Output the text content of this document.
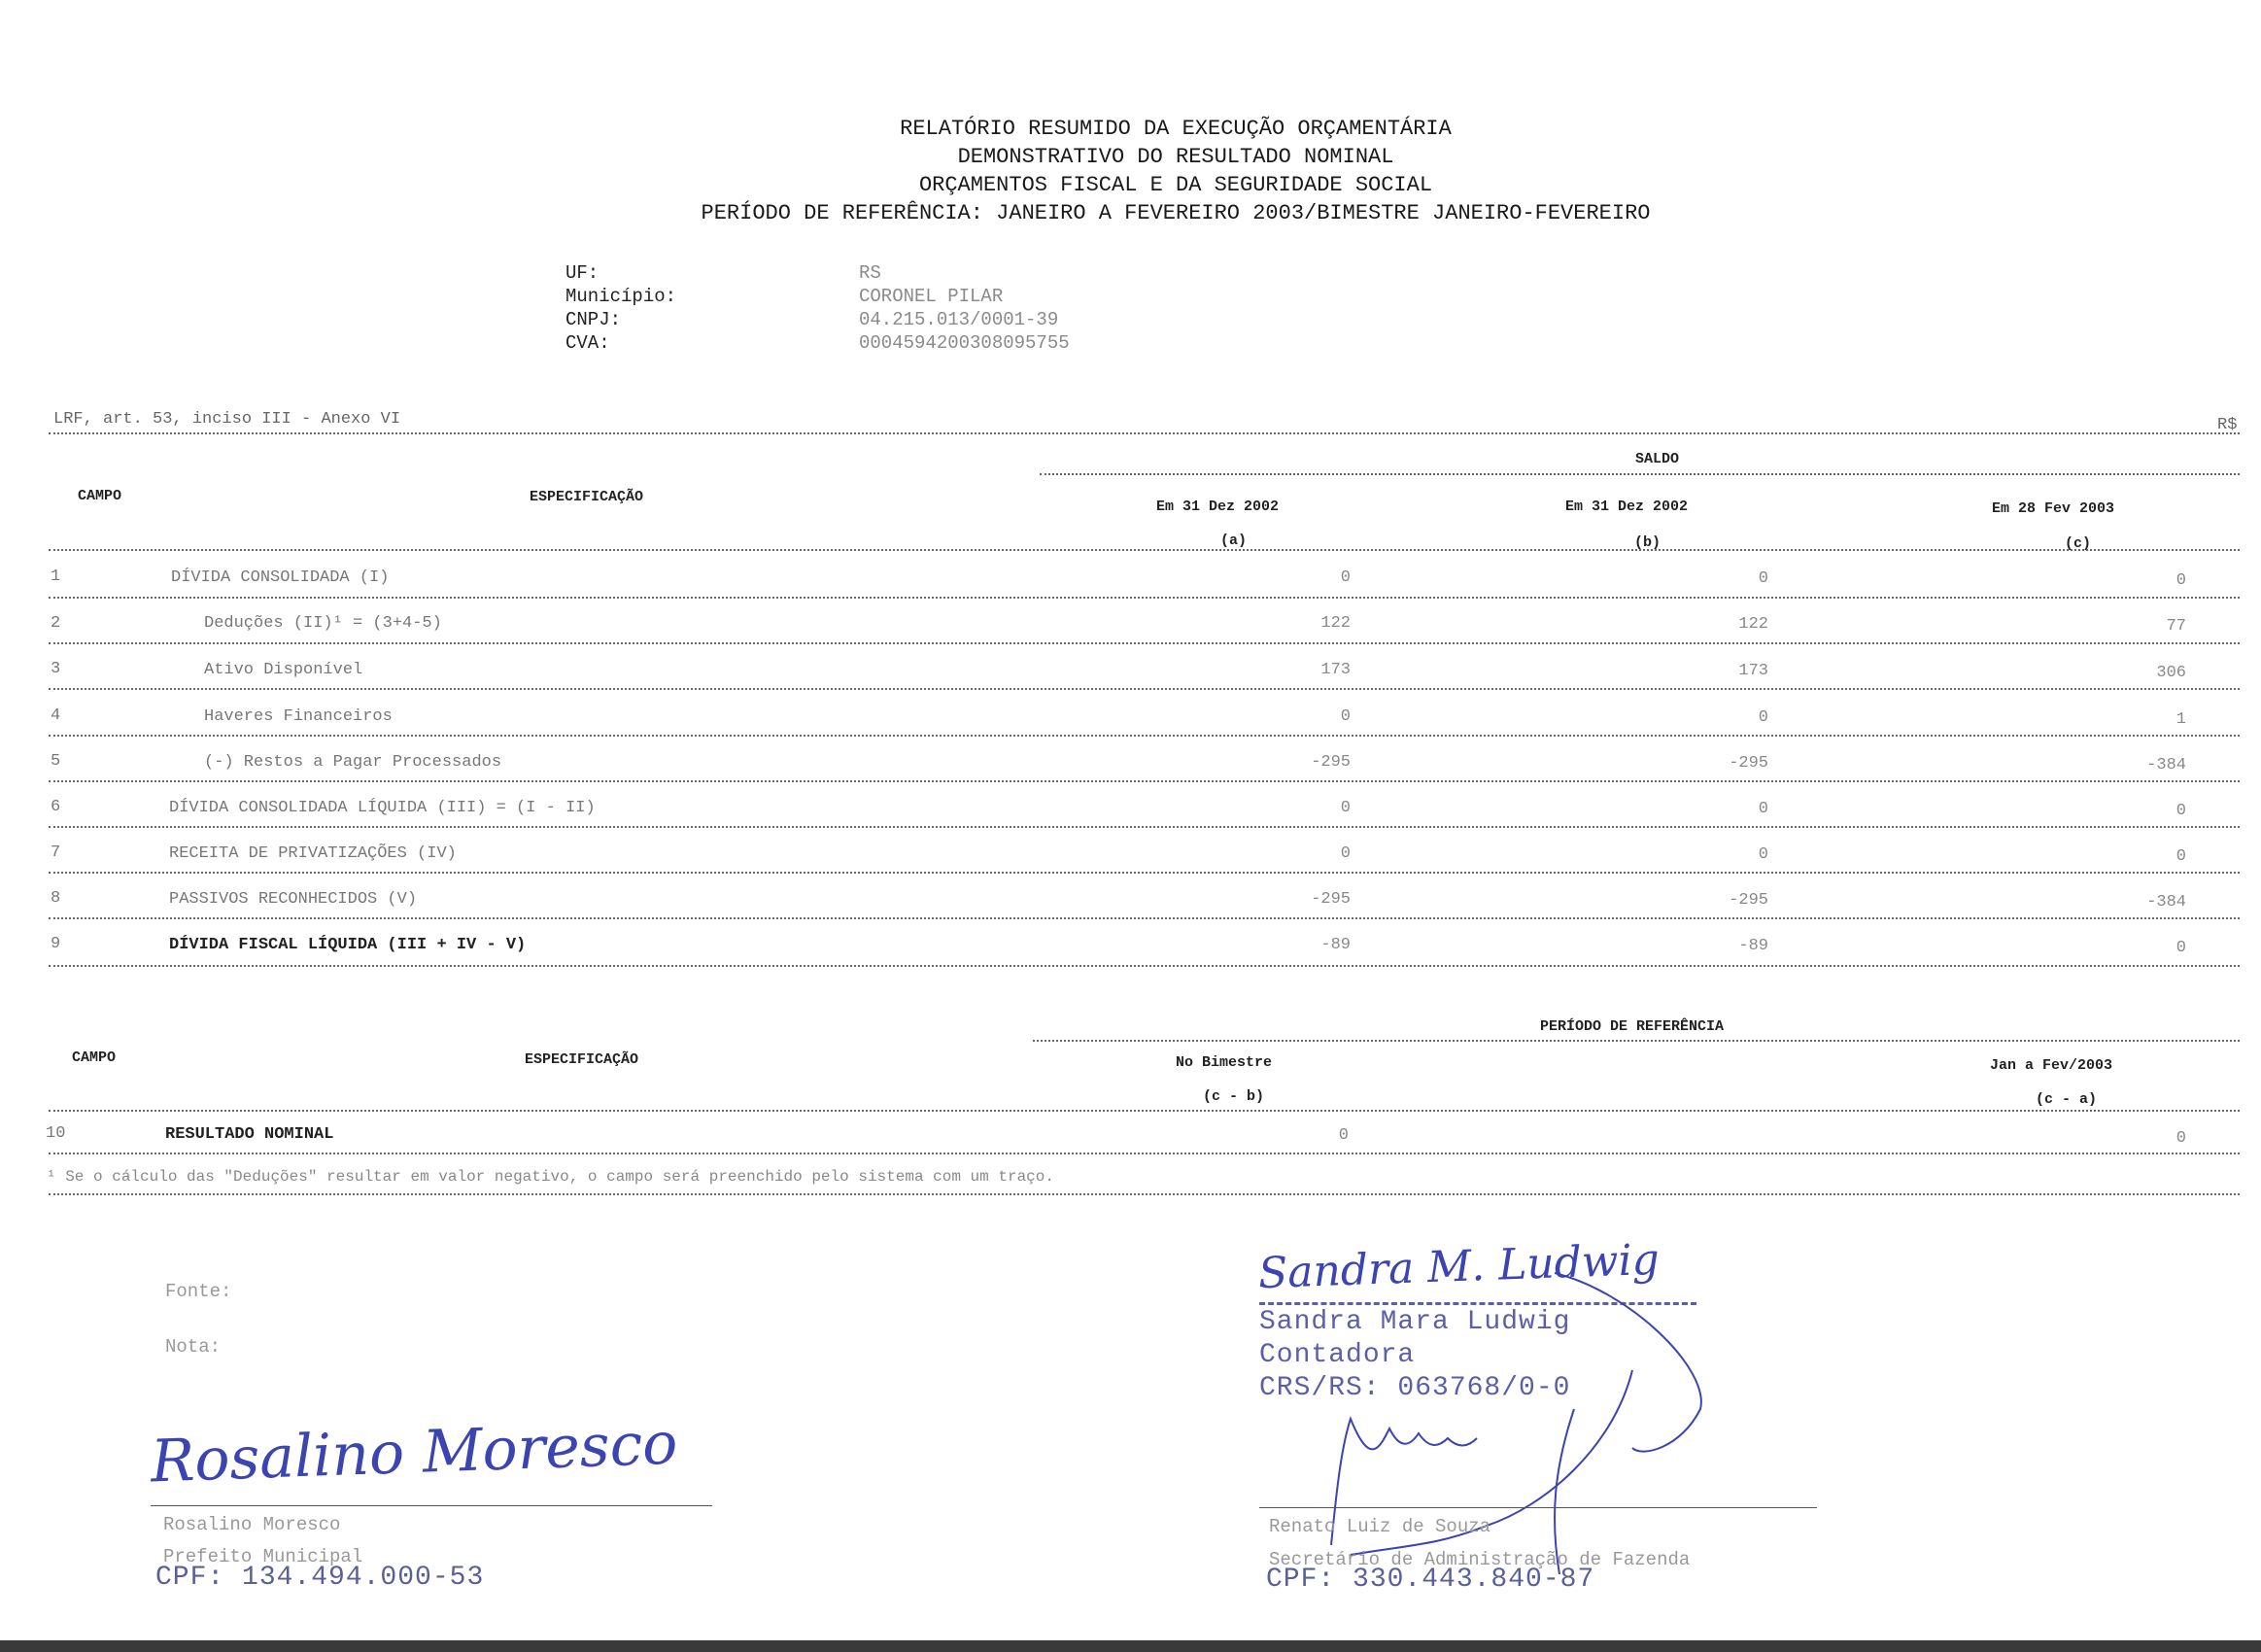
RELATÓRIO RESUMIDO DA EXECUÇÃO ORÇAMENTÁRIA
DEMONSTRATIVO DO RESULTADO NOMINAL
ORÇAMENTOS FISCAL E DA SEGURIDADE SOCIAL
PERÍODO DE REFERÊNCIA: JANEIRO A FEVEREIRO 2003/BIMESTRE JANEIRO-FEVEREIRO
UF:	RS
Município:	CORONEL PILAR
CNPJ:	04.215.013/0001-39
CVA:	0004594200308095755
LRF, art. 53, inciso III - Anexo VI	R$
SALDO
CAMPO	ESPECIFICAÇÃO
Em 31 Dez 2002	Em 31 Dez 2002	Em 28 Fev 2003
(a)	(b)	(c)
1	DÍVIDA CONSOLIDADA (I)	0	0	0
2	Deduções (II)¹ = (3+4-5)	122	122	77
3	Ativo Disponível	173	173	306
4	Haveres Financeiros	0	0	1
5	(-) Restos a Pagar Processados	-295	-295	-384
6	DÍVIDA CONSOLIDADA LÍQUIDA (III) = (I - II)	0	0	0
7	RECEITA DE PRIVATIZAÇÕES (IV)	0	0	0
8	PASSIVOS RECONHECIDOS (V)	-295	-295	-384
9	DÍVIDA FISCAL LÍQUIDA (III + IV - V)	-89	-89	0
PERÍODO DE REFERÊNCIA
CAMPO	ESPECIFICAÇÃO	No Bimestre	Jan a Fev/2003
(c - b)	(c - a)
10	RESULTADO NOMINAL	0	0
¹ Se o cálculo das "Deduções" resultar em valor negativo, o campo será preenchido pelo sistema com um traço.
Fonte:
Nota:
Rosalino Moresco
Rosalino Moresco
Prefeito Municipal
CPF: 134.494.000-53
Sandra M. Ludwig
Sandra Mara Ludwig
Contadora
CRS/RS: 063768/0-0
Renato Luiz de Souza
Secretário de Administração de Fazenda
CPF: 330.443.840-87
